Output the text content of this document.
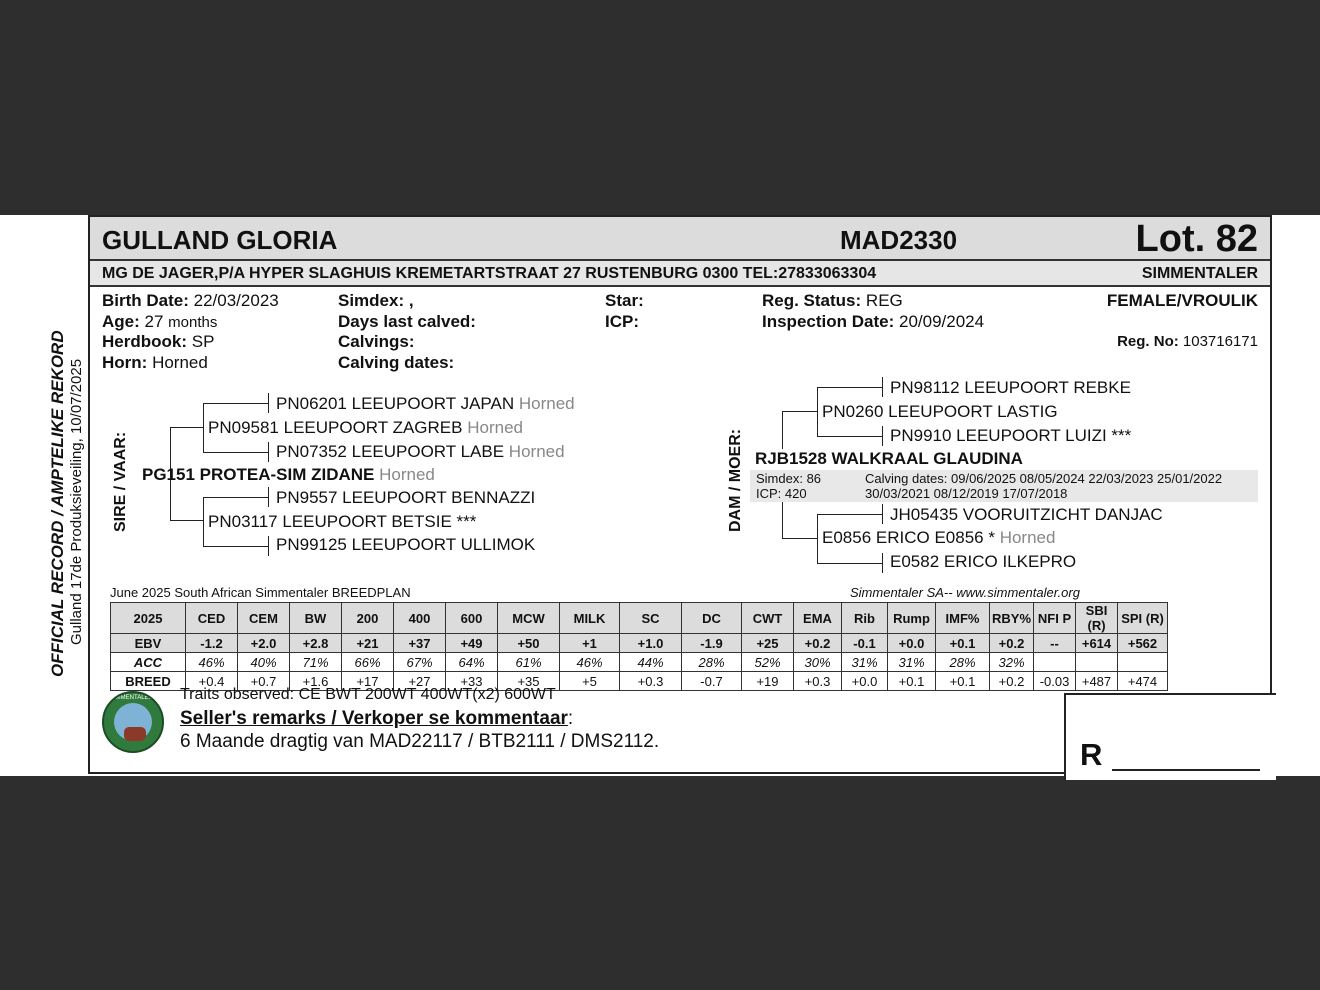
OFFICIAL RECORD / AMPTELIKE REKORD Gulland 17de Produksieveiling, 10/07/2025
GULLAND GLORIA	MAD2330	Lot. 82
MG DE JAGER,P/A HYPER SLAGHUIS KREMETARTSTRAAT 27 RUSTENBURG 0300 TEL:27833063304	SIMMENTALER
Birth Date: 22/03/2023
Age: 27 months
Herdbook: SP
Horn: Horned
Simdex: ,
Days last calved:
Calvings:
Calving dates:
Star:
ICP:
Reg. Status: REG
Inspection Date: 20/09/2024
FEMALE/VROULIK
Reg. No: 103716171
SIRE / VAAR:
PN06201 LEEUPOORT JAPAN Horned
PN09581 LEEUPOORT ZAGREB Horned
PN07352 LEEUPOORT LABE Horned
PG151 PROTEA-SIM ZIDANE Horned
PN9557 LEEUPOORT BENNAZZI
PN03117 LEEUPOORT BETSIE ***
PN99125 LEEUPOORT ULLIMOK
DAM / MOER:
PN98112 LEEUPOORT REBKE
PN0260 LEEUPOORT LASTIG
PN9910 LEEUPOORT LUIZI ***
RJB1528 WALKRAAL GLAUDINA
Simdex: 86
ICP: 420
Calving dates: 09/06/2025 08/05/2024 22/03/2023 25/01/2022
30/03/2021 08/12/2019 17/07/2018
JH05435 VOORUITZICHT DANJAC
E0856 ERICO E0856 * Horned
E0582 ERICO ILKEPRO
June 2025 South African Simmentaler BREEDPLAN	Simmentaler SA-- www.simmentaler.org
2025	CED	CEM	BW	200	400	600	MCW	MILK	SC	DC	CWT	EMA	Rib	Rump	IMF%	RBY%	NFI P	SBI (R)	SPI (R)
EBV	-1.2	+2.0	+2.8	+21	+37	+49	+50	+1	+1.0	-1.9	+25	+0.2	-0.1	+0.0	+0.1	+0.2	--	+614	+562
ACC	46%	40%	71%	66%	67%	64%	61%	46%	44%	28%	52%	30%	31%	31%	28%	32%			
BREED	+0.4	+0.7	+1.6	+17	+27	+33	+35	+5	+0.3	-0.7	+19	+0.3	+0.0	+0.1	+0.1	+0.2	-0.03	+487	+474
SIMMENTALER Traits observed: CE BWT 200WT 400WT(x2) 600WT
Seller's remarks / Verkoper se kommentaar:
6 Maande dragtig van MAD22117 / BTB2111 / DMS2112.	R
